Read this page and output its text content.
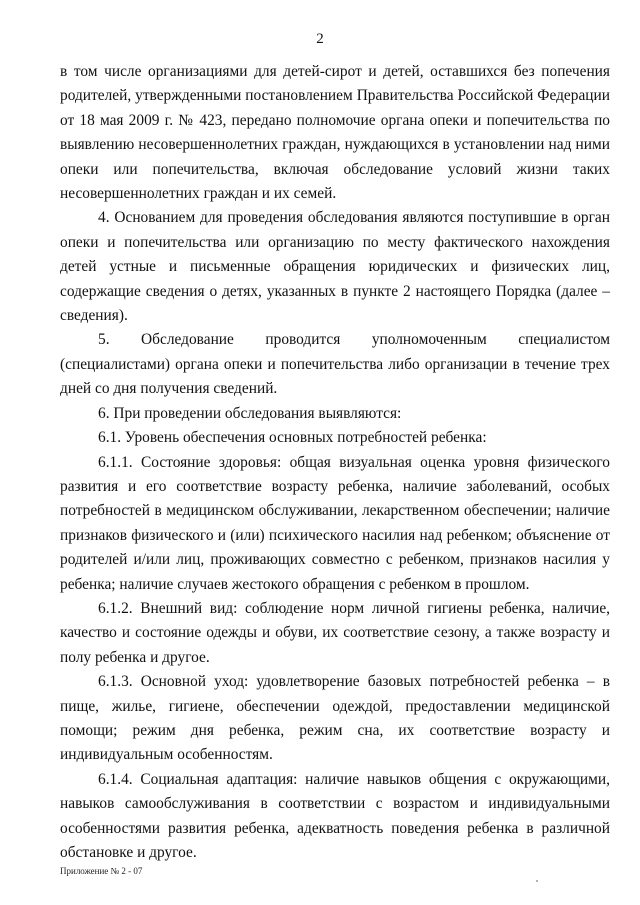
2

в том числе организациями для детей-сирот и детей, оставшихся без попечения родителей, утвержденными постановлением Правительства Российской Федерации от 18 мая 2009 г. № 423, передано полномочие органа опеки и попечительства по выявлению несовершеннолетних граждан, нуждающихся в установлении над ними опеки или попечительства, включая обследование условий жизни таких несовершеннолетних граждан и их семей.

4. Основанием для проведения обследования являются поступившие в орган опеки и попечительства или организацию по месту фактического нахождения детей устные и письменные обращения юридических и физических лиц, содержащие сведения о детях, указанных в пункте 2 настоящего Порядка (далее – сведения).

5. Обследование проводится уполномоченным специалистом (специалистами) органа опеки и попечительства либо организации в течение трех дней со дня получения сведений.

6. При проведении обследования выявляются:

6.1. Уровень обеспечения основных потребностей ребенка:

6.1.1. Состояние здоровья: общая визуальная оценка уровня физического развития и его соответствие возрасту ребенка, наличие заболеваний, особых потребностей в медицинском обслуживании, лекарственном обеспечении; наличие признаков физического и (или) психического насилия над ребенком; объяснение от родителей и/или лиц, проживающих совместно с ребенком, признаков насилия у ребенка; наличие случаев жестокого обращения с ребенком в прошлом.

6.1.2. Внешний вид: соблюдение норм личной гигиены ребенка, наличие, качество и состояние одежды и обуви, их соответствие сезону, а также возрасту и полу ребенка и другое.

6.1.3. Основной уход: удовлетворение базовых потребностей ребенка – в пище, жилье, гигиене, обеспечении одеждой, предоставлении медицинской помощи; режим дня ребенка, режим сна, их соответствие возрасту и индивидуальным особенностям.

6.1.4. Социальная адаптация: наличие навыков общения с окружающими, навыков самообслуживания в соответствии с возрастом и индивидуальными особенностями развития ребенка, адекватность поведения ребенка в различной обстановке и другое.

Приложение № 2 - 07
